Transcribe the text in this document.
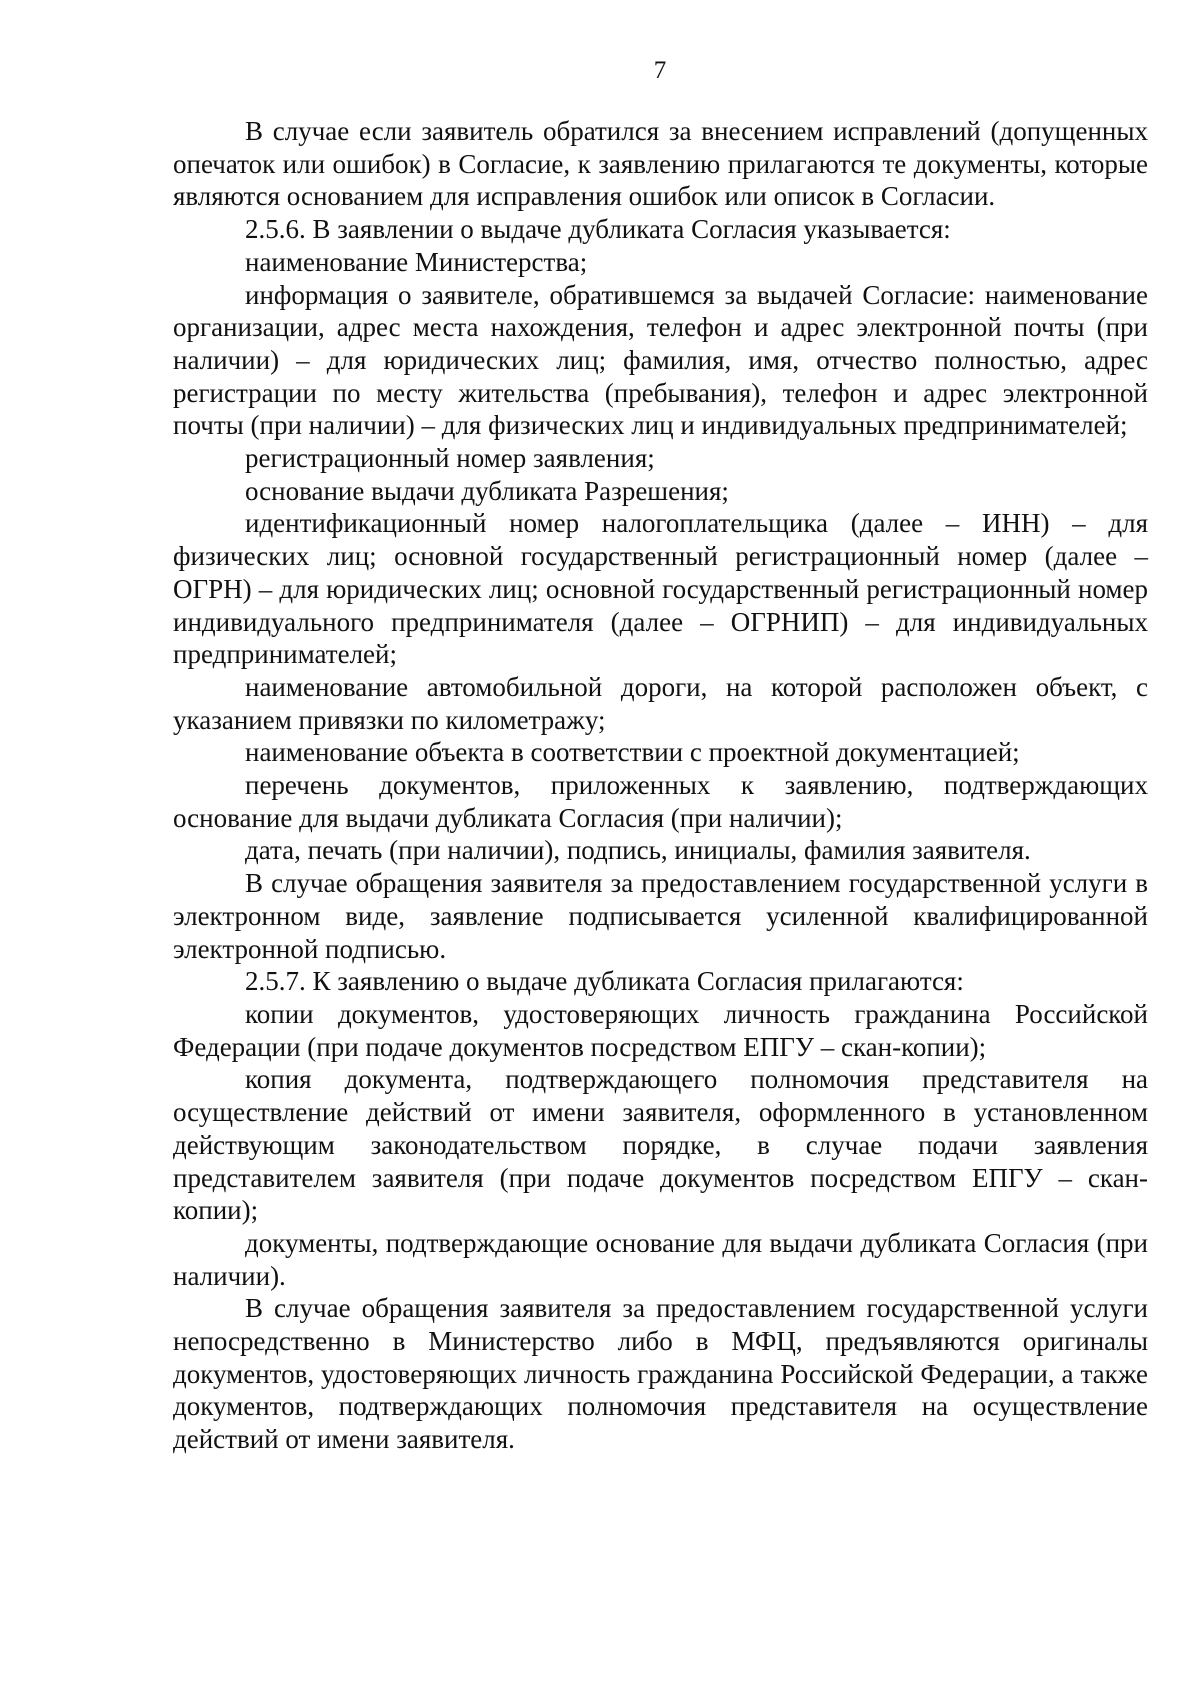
7

В случае если заявитель обратился за внесением исправлений (допущенных опечаток или ошибок) в Согласие, к заявлению прилагаются те документы, которые являются основанием для исправления ошибок или описок в Согласии.

2.5.6. В заявлении о выдаче дубликата Согласия указывается:

наименование Министерства;

информация о заявителе, обратившемся за выдачей Согласие: наименование организации, адрес места нахождения, телефон и адрес электронной почты (при наличии) – для юридических лиц; фамилия, имя, отчество полностью, адрес регистрации по месту жительства (пребывания), телефон и адрес электронной почты (при наличии) – для физических лиц и индивидуальных предпринимателей;

регистрационный номер заявления;

основание выдачи дубликата Разрешения;

идентификационный номер налогоплательщика (далее – ИНН) – для физических лиц; основной государственный регистрационный номер (далее – ОГРН) – для юридических лиц; основной государственный регистрационный номер индивидуального предпринимателя (далее – ОГРНИП) – для индивидуальных предпринимателей;

наименование автомобильной дороги, на которой расположен объект, с указанием привязки по километражу;

наименование объекта в соответствии с проектной документацией;

перечень документов, приложенных к заявлению, подтверждающих основание для выдачи дубликата Согласия (при наличии);

дата, печать (при наличии), подпись, инициалы, фамилия заявителя.

В случае обращения заявителя за предоставлением государственной услуги в электронном виде, заявление подписывается усиленной квалифицированной электронной подписью.

2.5.7. К заявлению о выдаче дубликата Согласия прилагаются:

копии документов, удостоверяющих личность гражданина Российской Федерации (при подаче документов посредством ЕПГУ – скан-копии);

копия документа, подтверждающего полномочия представителя на осуществление действий от имени заявителя, оформленного в установленном действующим законодательством порядке, в случае подачи заявления представителем заявителя (при подаче документов посредством ЕПГУ – скан-копии);

документы, подтверждающие основание для выдачи дубликата Согласия (при наличии).

В случае обращения заявителя за предоставлением государственной услуги непосредственно в Министерство либо в МФЦ, предъявляются оригиналы документов, удостоверяющих личность гражданина Российской Федерации, а также документов, подтверждающих полномочия представителя на осуществление действий от имени заявителя.
